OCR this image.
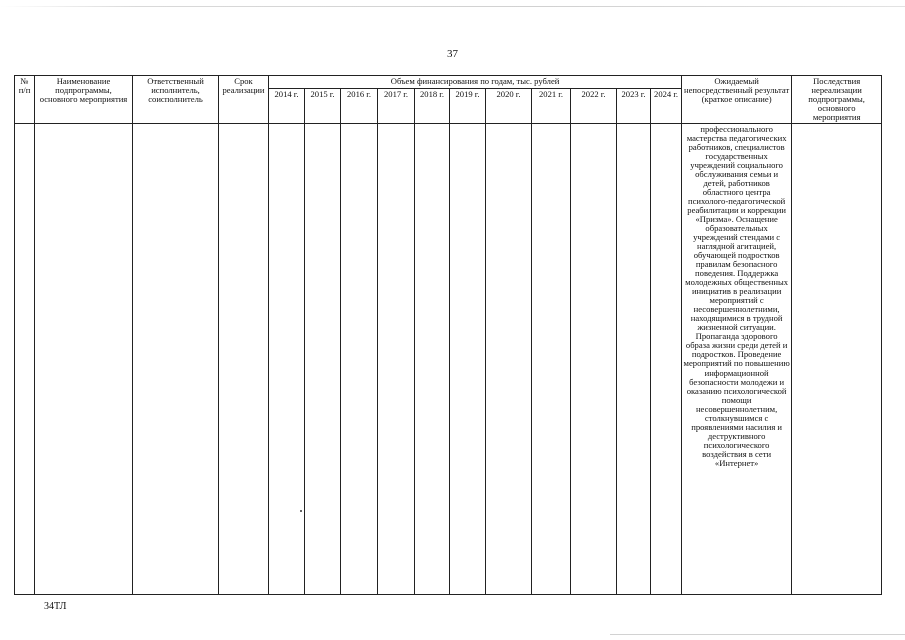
37
№ п/п	Наименование подпрограммы, основного мероприятия	Ответственный исполнитель, соисполнитель	Срок реализации	Объем финансирования по годам, тыс. рублей											Ожидаемый непосредственный результат (краткое описание)	Последствия нереализации подпрограммы, основного мероприятия
				2014 г.	2015 г.	2016 г.	2017 г.	2018 г.	2019 г.	2020 г.	2021 г.	2022 г.	2023 г.	2024 г.		
															профессионального мастерства педагогических работников, специалистов государственных учреждений социального обслуживания семьи и детей, работников областного центра психолого-педагогической реабилитации и коррекции «Призма». Оснащение образовательных учреждений стендами с наглядной агитацией, обучающей подростков правилам безопасного поведения. Поддержка молодежных общественных инициатив в реализации мероприятий с несовершеннолетними, находящимися в трудной жизненной ситуации. Пропаганда здорового образа жизни среди детей и подростков. Проведение мероприятий по повышению информационной безопасности молодежи и оказанию психологической помощи несовершеннолетним, столкнувшимся с проявлениями насилия и деструктивного психологического воздействия в сети «Интернет»	
34ТЛ
